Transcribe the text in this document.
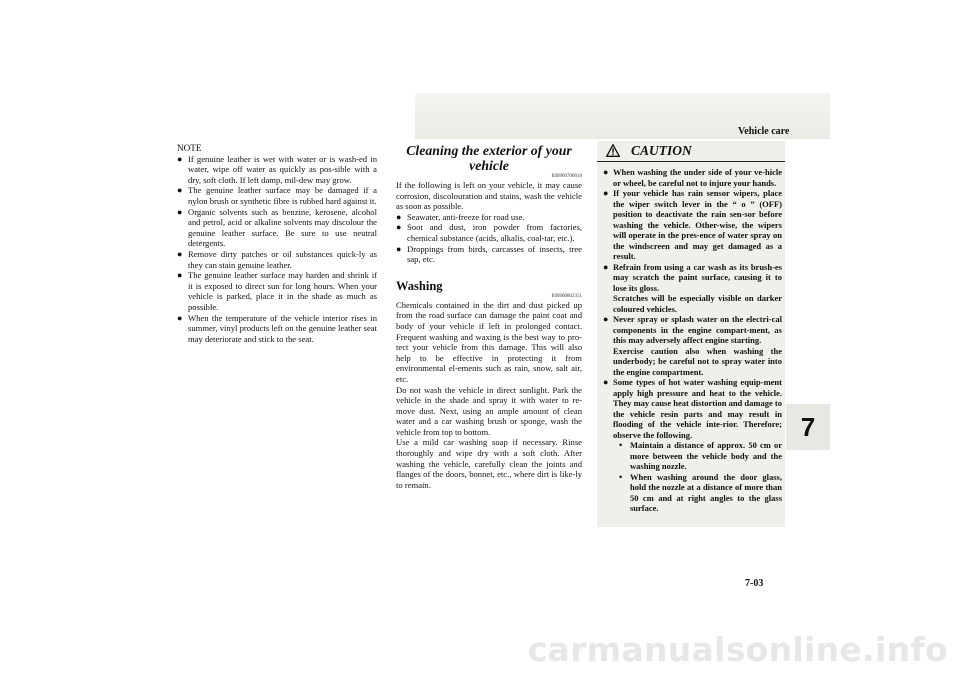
Vehicle care
7
7-03
NOTE
● If genuine leather is wet with water or is wash-ed in water, wipe off water as quickly as pos-sible with a dry, soft cloth. If left damp, mil-dew may grow.
● The genuine leather surface may be damaged if a nylon brush or synthetic fibre is rubbed hard against it.
● Organic solvents such as benzine, kerosene, alcohol and petrol, acid or alkaline solvents may discolour the genuine leather surface. Be sure to use neutral detergents.
● Remove dirty patches or oil substances quick-ly as they can stain genuine leather.
● The genuine leather surface may harden and shrink if it is exposed to direct sun for long hours. When your vehicle is parked, place it in the shade as much as possible.
● When the temperature of the vehicle interior rises in summer, vinyl products left on the genuine leather seat may deteriorate and stick to the seat.
Cleaning the exterior of your
vehicle
E00900700010

If the following is left on your vehicle, it may cause corrosion, discolouration and stains, wash the vehicle as soon as possible.

● Seawater, anti-freeze for road use.
● Soot and dust, iron powder from factories, chemical substance (acids, alkalis, coal-tar, etc.).
● Droppings from birds, carcasses of insects, tree sap, etc.
Washing
E00900802351

Chemicals contained in the dirt and dust picked up from the road surface can damage the paint coat and body of your vehicle if left in prolonged contact. Frequent washing and waxing is the best way to pro-tect your vehicle from this damage. This will also help to be effective in protecting it from environmental el-ements such as rain, snow, salt air, etc.

Do not wash the vehicle in direct sunlight. Park the vehicle in the shade and spray it with water to re-move dust. Next, using an ample amount of clean water and a car washing brush or sponge, wash the vehicle from top to bottom.

Use a mild car washing soap if necessary. Rinse thoroughly and wipe dry with a soft cloth. After washing the vehicle, carefully clean the joints and flanges of the doors, bonnet, etc., where dirt is like-ly to remain.

CAUTION
● When washing the under side of your ve-hicle or wheel, be careful not to injure your hands.
● If your vehicle has rain sensor wipers, place the wiper switch lever in the “ o ” (OFF) position to deactivate the rain sen-sor before washing the vehicle. Other-wise, the wipers will operate in the pres-ence of water spray on the windscreen and may get damaged as a result.
● Refrain from using a car wash as its brush-es may scratch the paint surface, causing it to lose its gloss.
Scratches will be especially visible on darker coloured vehicles.
● Never spray or splash water on the electri-cal components in the engine compart-ment, as this may adversely affect engine starting.
Exercise caution also when washing the underbody; be careful not to spray water into the engine compartment.
● Some types of hot water washing equip-ment apply high pressure and heat to the vehicle. They may cause heat distortion and damage to the vehicle resin parts and may result in flooding of the vehicle inte-rior. Therefore; observe the following.
• Maintain a distance of approx. 50 cm or more between the vehicle body and the washing nozzle.
• When washing around the door glass, hold the nozzle at a distance of more than 50 cm and at right angles to the glass surface.
carmanualsonline.info
